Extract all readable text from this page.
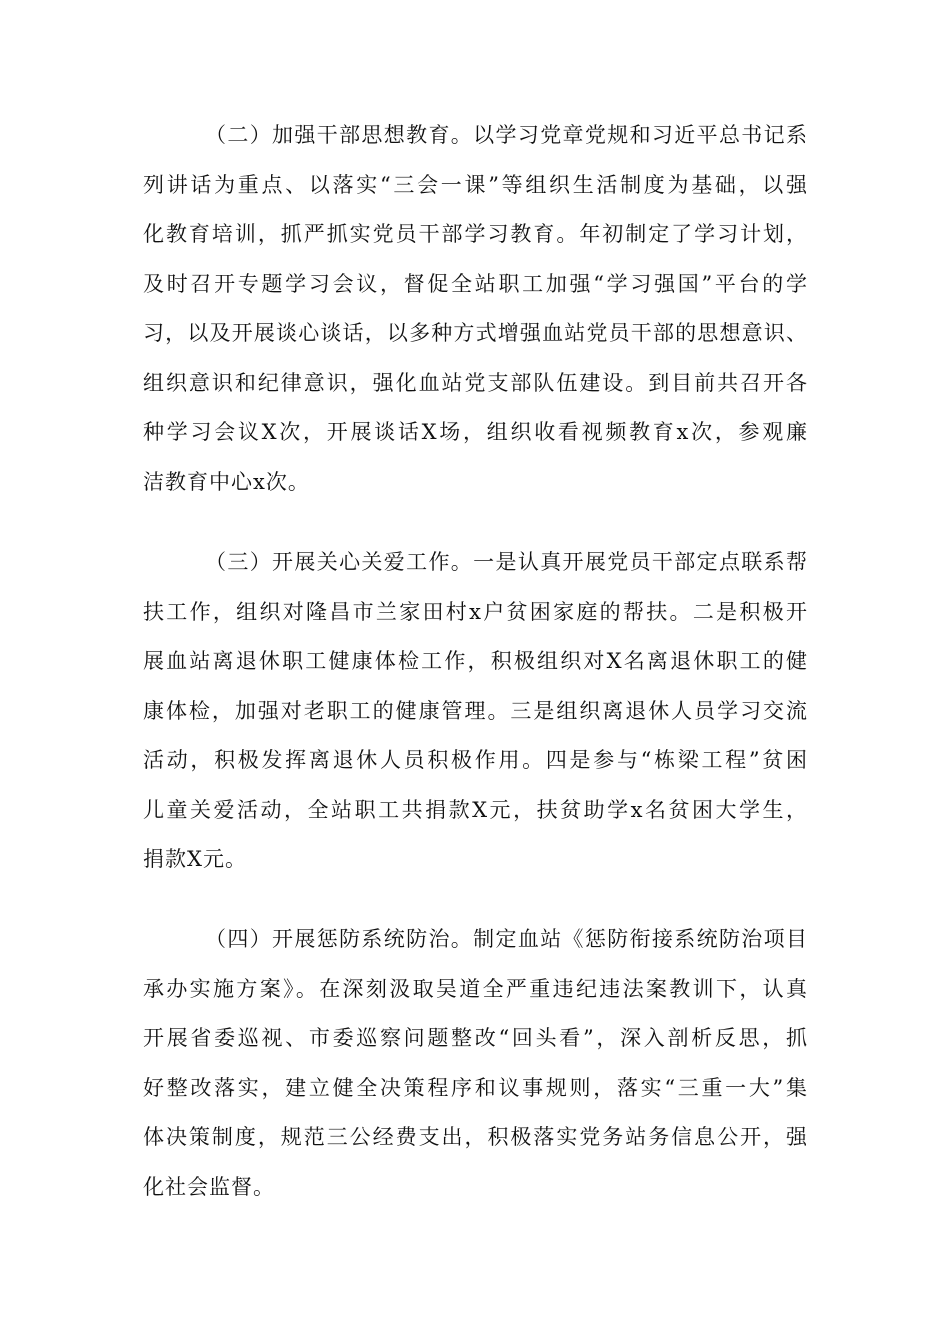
（二）加强干部思想教育。以学习党章党规和习近平总书记系
列讲话为重点、以落实“三会一课”等组织生活制度为基础，以强
化教育培训，抓严抓实党员干部学习教育。年初制定了学习计划，
及时召开专题学习会议，督促全站职工加强“学习强国”平台的学
习，以及开展谈心谈话，以多种方式增强血站党员干部的思想意识、
组织意识和纪律意识，强化血站党支部队伍建设。到目前共召开各
种学习会议X次，开展谈话X场，组织收看视频教育x次，参观廉
洁教育中心x次。
（三）开展关心关爱工作。一是认真开展党员干部定点联系帮
扶工作，组织对隆昌市兰家田村x户贫困家庭的帮扶。二是积极开
展血站离退休职工健康体检工作，积极组织对X名离退休职工的健
康体检，加强对老职工的健康管理。三是组织离退休人员学习交流
活动，积极发挥离退休人员积极作用。四是参与“栋梁工程”贫困
儿童关爱活动，全站职工共捐款X元，扶贫助学x名贫困大学生，
捐款X元。
（四）开展惩防系统防治。制定血站《惩防衔接系统防治项目
承办实施方案》。在深刻汲取吴道全严重违纪违法案教训下，认真
开展省委巡视、市委巡察问题整改“回头看”，深入剖析反思，抓
好整改落实，建立健全决策程序和议事规则，落实“三重一大”集
体决策制度，规范三公经费支出，积极落实党务站务信息公开，强
化社会监督。
